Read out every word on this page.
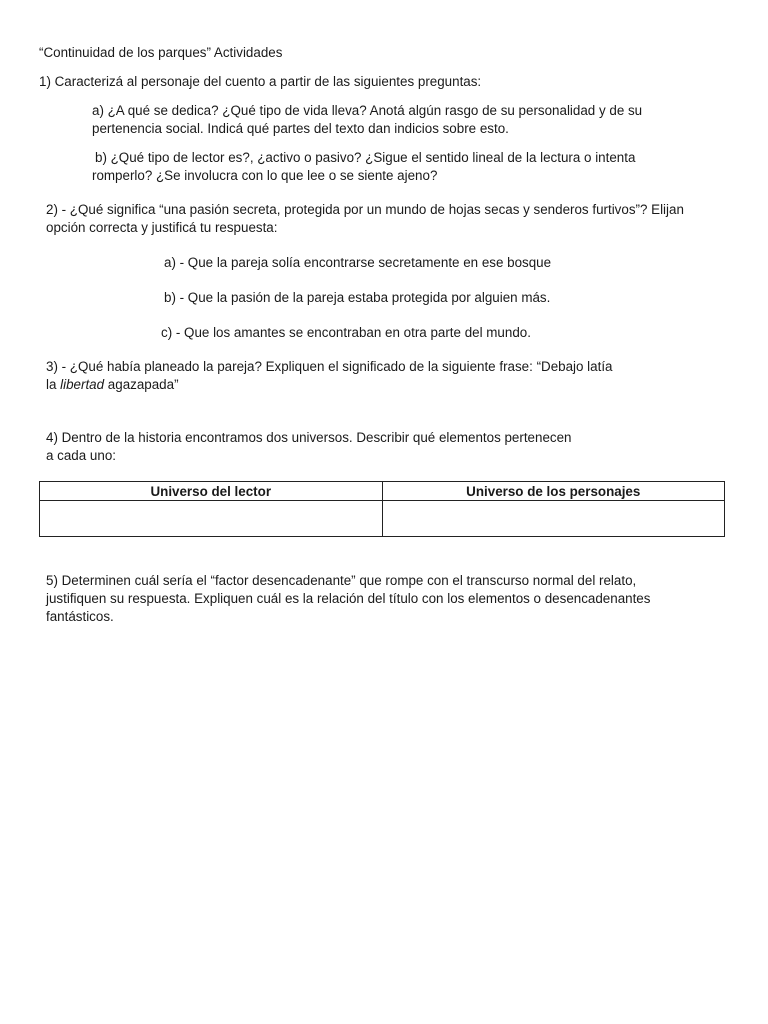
“Continuidad de los parques” Actividades
1) Caracterizá al personaje del cuento a partir de las siguientes preguntas:
a) ¿A qué se dedica? ¿Qué tipo de vida lleva? Anotá algún rasgo de su personalidad y de su
pertenencia social. Indicá qué partes del texto dan indicios sobre esto.
b) ¿Qué tipo de lector es?, ¿activo o pasivo? ¿Sigue el sentido lineal de la lectura o intenta
romperlo? ¿Se involucra con lo que lee o se siente ajeno?
2) - ¿Qué significa “una pasión secreta, protegida por un mundo de hojas secas y senderos furtivos”? Elijan
opción correcta y justificá tu respuesta:
a) - Que la pareja solía encontrarse secretamente en ese bosque
b) - Que la pasión de la pareja estaba protegida por alguien más.
c) - Que los amantes se encontraban en otra parte del mundo.
3) - ¿Qué había planeado la pareja? Expliquen el significado de la siguiente frase: “Debajo latía
la libertad agazapada”
4) Dentro de la historia encontramos dos universos. Describir qué elementos pertenecen
a cada uno:
Universo del lector	Universo de los personajes

5) Determinen cuál sería el “factor desencadenante” que rompe con el transcurso normal del relato,
justifiquen su respuesta. Expliquen cuál es la relación del título con los elementos o desencadenantes
fantásticos.
